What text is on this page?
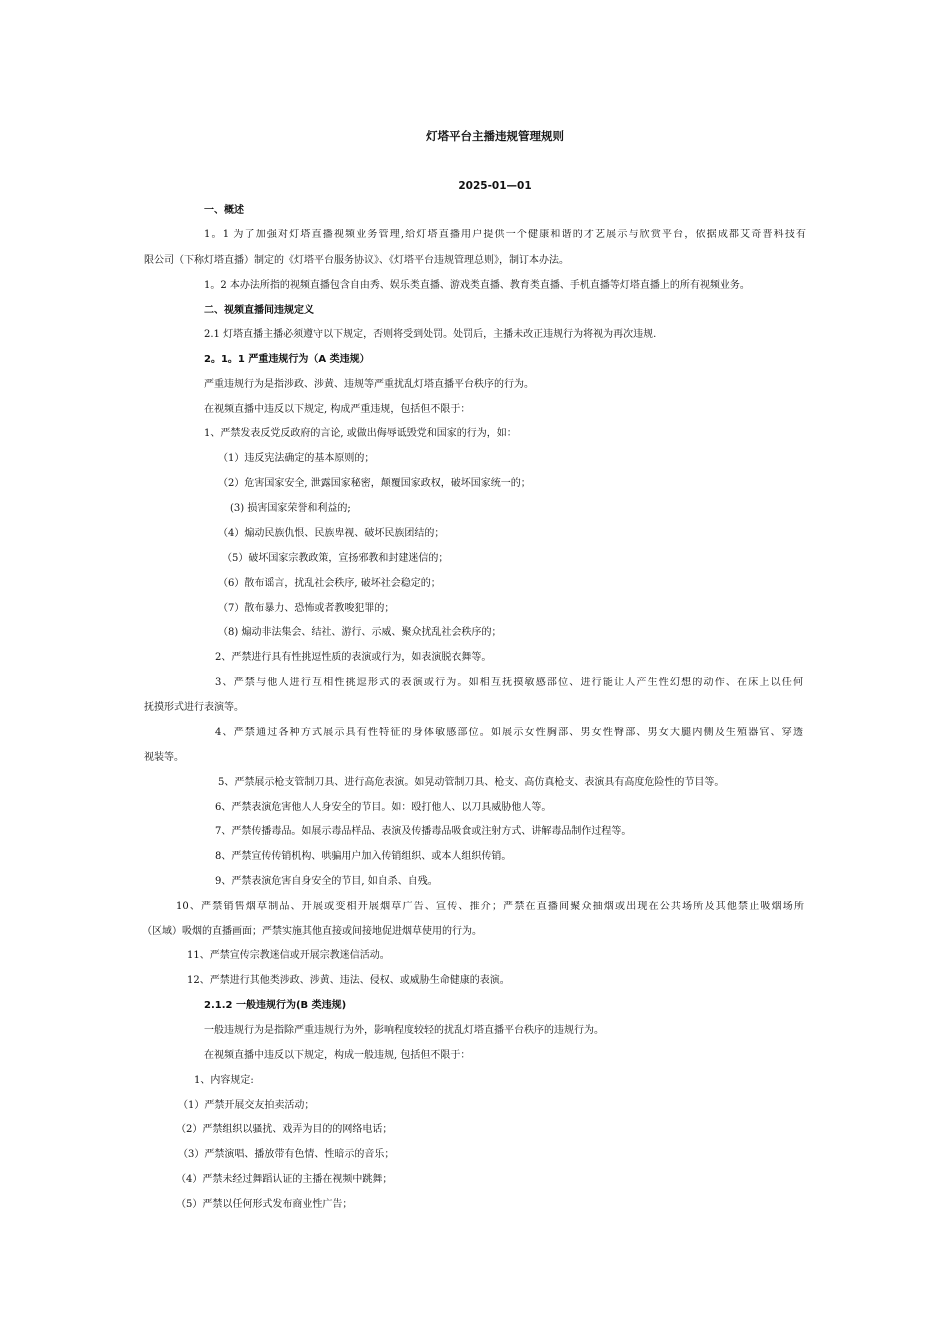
灯塔平台主播违规管理规则
2025-01—01
一、概述
1。1 为了加强对灯塔直播视频业务管理,给灯塔直播用户提供一个健康和谐的才艺展示与欣赏平台，依据成都艾奇普科技有
限公司（下称灯塔直播）制定的《灯塔平台服务协议》、《灯塔平台违规管理总则》，制订本办法。
1。2 本办法所指的视频直播包含自由秀、娱乐类直播、游戏类直播、教育类直播、手机直播等灯塔直播上的所有视频业务。
二、视频直播间违规定义
2.1 灯塔直播主播必须遵守以下规定，否则将受到处罚。处罚后，主播未改正违规行为将视为再次违规.
2。1。1 严重违规行为（A 类违规）
严重违规行为是指涉政、涉黄、违规等严重扰乱灯塔直播平台秩序的行为。
在视频直播中违反以下规定, 构成严重违规，包括但不限于：
1、严禁发表反党反政府的言论, 或做出侮辱诋毁党和国家的行为，如：
（1）违反宪法确定的基本原则的；
（2）危害国家安全, 泄露国家秘密，颠覆国家政权，破坏国家统一的；
(3) 损害国家荣誉和利益的;
（4）煽动民族仇恨、民族卑视、破坏民族团结的；
（5）破坏国家宗教政策，宣扬邪教和封建迷信的；
（6）散布谣言，扰乱社会秩序, 破坏社会稳定的；
（7）散布暴力、恐怖或者教唆犯罪的；
（8) 煽动非法集会、结社、游行、示威、聚众扰乱社会秩序的；
2、严禁进行具有性挑逗性质的表演或行为，如表演脱衣舞等。
3、严禁与他人进行互相性挑逗形式的表演或行为。如相互抚摸敏感部位、进行能让人产生性幻想的动作、在床上以任何
抚摸形式进行表演等。
4、严禁通过各种方式展示具有性特征的身体敏感部位。如展示女性胸部、男女性臀部、男女大腿内侧及生殖器官、穿透
视装等。
5、严禁展示枪支管制刀具、进行高危表演。如晃动管制刀具、枪支、高仿真枪支、表演具有高度危险性的节目等。
6、严禁表演危害他人人身安全的节目。如：殴打他人、以刀具威胁他人等。
7、严禁传播毒品。如展示毒品样品、表演及传播毒品吸食或注射方式、讲解毒品制作过程等。
8、严禁宣传传销机构、哄骗用户加入传销组织、或本人组织传销。
9、严禁表演危害自身安全的节目, 如自杀、自残。
10、严禁销售烟草制品、开展或变相开展烟草广告、宣传、推介；严禁在直播间聚众抽烟或出现在公共场所及其他禁止吸烟场所
（区域）吸烟的直播画面；严禁实施其他直接或间接地促进烟草使用的行为。
11、严禁宣传宗教迷信或开展宗教迷信活动。
12、严禁进行其他类涉政、涉黄、违法、侵权、或威胁生命健康的表演。
2.1.2 一般违规行为(B 类违规)
一般违规行为是指除严重违规行为外，影响程度较轻的扰乱灯塔直播平台秩序的违规行为。
在视频直播中违反以下规定，构成一般违规, 包括但不限于：
1、内容规定:
（1）严禁开展交友拍卖活动；
（2）严禁组织以骚扰、戏弄为目的的网络电话；
（3）严禁演唱、播放带有色情、性暗示的音乐；
（4）严禁未经过舞蹈认证的主播在视频中跳舞；
（5）严禁以任何形式发布商业性广告；
